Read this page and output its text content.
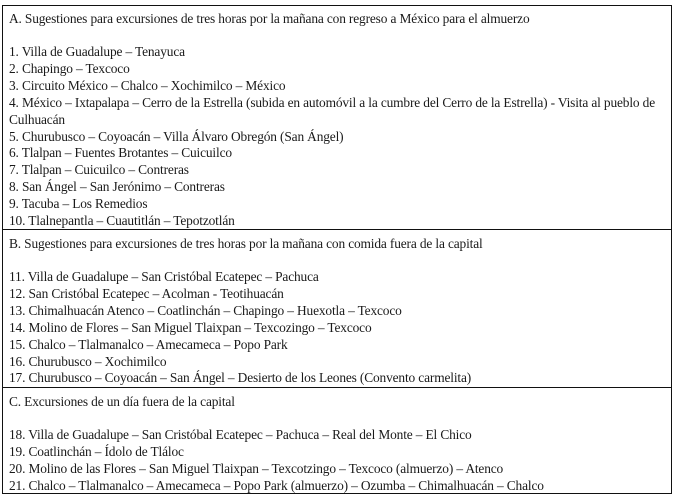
A. Sugestiones para excursiones de tres horas por la mañana con regreso a México para el almuerzo
1. Villa de Guadalupe – Tenayuca
2. Chapingo – Texcoco
3. Circuito México – Chalco – Xochimilco – México
4. México – Ixtapalapa – Cerro de la Estrella (subida en automóvil a la cumbre del Cerro de la Estrella) - Visita al pueblo de Culhuacán
5. Churubusco – Coyoacán – Villa Álvaro Obregón (San Ángel)
6. Tlalpan – Fuentes Brotantes – Cuicuilco
7. Tlalpan – Cuicuilco – Contreras
8. San Ángel – San Jerónimo – Contreras
9. Tacuba – Los Remedios
10. Tlalnepantla – Cuautitlán – Tepotzotlán
B. Sugestiones para excursiones de tres horas por la mañana con comida fuera de la capital
11. Villa de Guadalupe – San Cristóbal Ecatepec – Pachuca
12. San Cristóbal Ecatepec – Acolman - Teotihuacán
13. Chimalhuacán Atenco – Coatlinchán – Chapingo – Huexotla – Texcoco
14. Molino de Flores – San Miguel Tlaixpan – Texcozingo – Texcoco
15. Chalco – Tlalmanalco – Amecameca – Popo Park
16. Churubusco – Xochimilco
17. Churubusco – Coyoacán – San Ángel – Desierto de los Leones (Convento carmelita)
C. Excursiones de un día fuera de la capital
18. Villa de Guadalupe – San Cristóbal Ecatepec – Pachuca – Real del Monte – El Chico
19. Coatlinchán – Ídolo de Tláloc
20. Molino de las Flores – San Miguel Tlaixpan – Texcotzingo – Texcoco (almuerzo) – Atenco
21. Chalco – Tlalmanalco – Amecameca – Popo Park (almuerzo) – Ozumba – Chimalhuacán – Chalco
